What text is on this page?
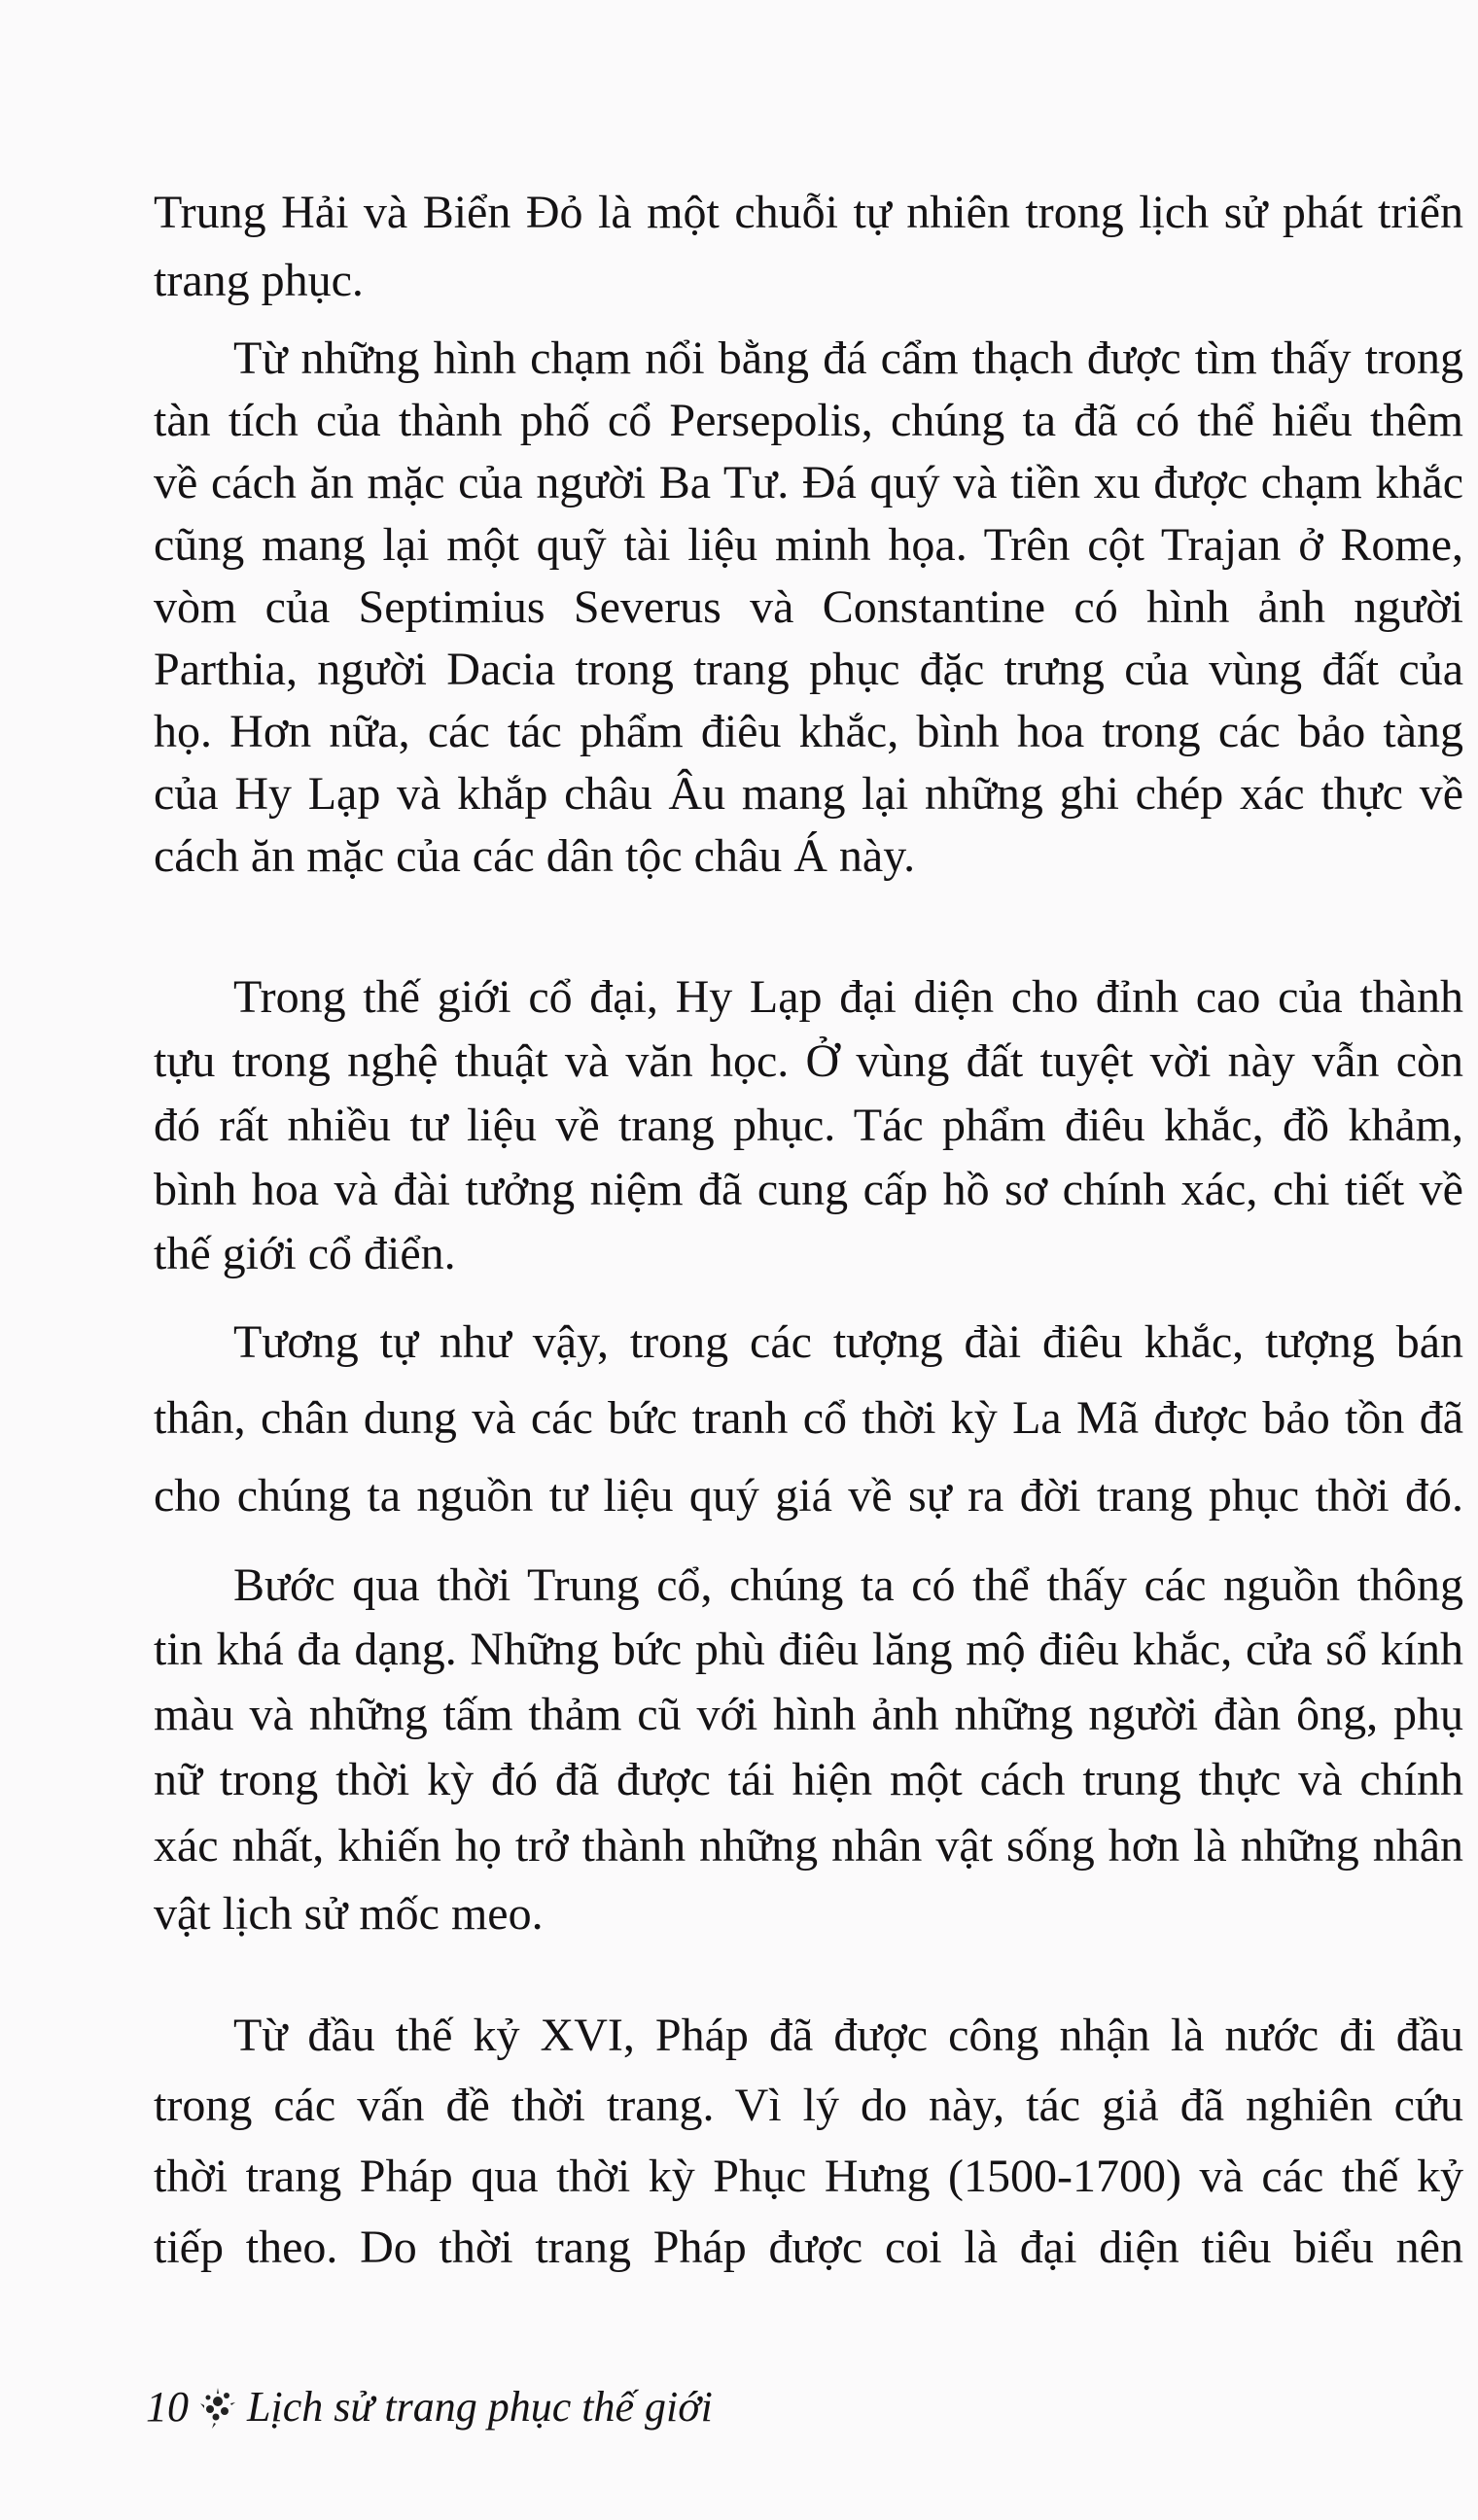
Trung Hải và Biển Đỏ là một chuỗi tự nhiên trong lịch sử phát triển
trang phục.
Từ những hình chạm nổi bằng đá cẩm thạch được tìm thấy trong
tàn tích của thành phố cổ Persepolis, chúng ta đã có thể hiểu thêm
về cách ăn mặc của người Ba Tư. Đá quý và tiền xu được chạm khắc
cũng mang lại một quỹ tài liệu minh họa. Trên cột Trajan ở Rome,
vòm của Septimius Severus và Constantine có hình ảnh người
Parthia, người Dacia trong trang phục đặc trưng của vùng đất của
họ. Hơn nữa, các tác phẩm điêu khắc, bình hoa trong các bảo tàng
của Hy Lạp và khắp châu Âu mang lại những ghi chép xác thực về
cách ăn mặc của các dân tộc châu Á này.
Trong thế giới cổ đại, Hy Lạp đại diện cho đỉnh cao của thành
tựu trong nghệ thuật và văn học. Ở vùng đất tuyệt vời này vẫn còn
đó rất nhiều tư liệu về trang phục. Tác phẩm điêu khắc, đồ khảm,
bình hoa và đài tưởng niệm đã cung cấp hồ sơ chính xác, chi tiết về
thế giới cổ điển.
Tương tự như vậy, trong các tượng đài điêu khắc, tượng bán
thân, chân dung và các bức tranh cổ thời kỳ La Mã được bảo tồn đã
cho chúng ta nguồn tư liệu quý giá về sự ra đời trang phục thời đó.
Bước qua thời Trung cổ, chúng ta có thể thấy các nguồn thông
tin khá đa dạng. Những bức phù điêu lăng mộ điêu khắc, cửa sổ kính
màu và những tấm thảm cũ với hình ảnh những người đàn ông, phụ
nữ trong thời kỳ đó đã được tái hiện một cách trung thực và chính
xác nhất, khiến họ trở thành những nhân vật sống hơn là những nhân
vật lịch sử mốc meo.
Từ đầu thế kỷ XVI, Pháp đã được công nhận là nước đi đầu
trong các vấn đề thời trang. Vì lý do này, tác giả đã nghiên cứu
thời trang Pháp qua thời kỳ Phục Hưng (1500-1700) và các thế kỷ
tiếp theo. Do thời trang Pháp được coi là đại diện tiêu biểu nên
10 Lịch sử trang phục thế giới
